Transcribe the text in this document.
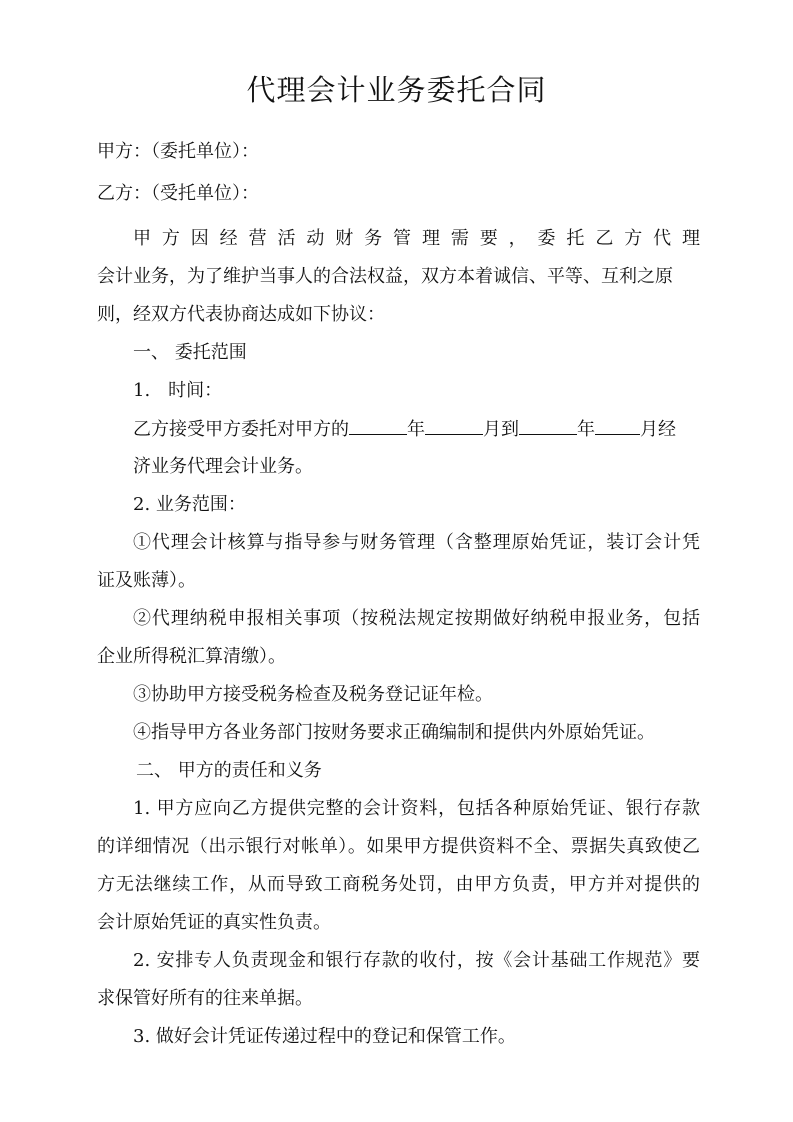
代理会计业务委托合同
甲方：（委托单位）：
乙方：（受托单位）：
甲方因经营活动财务管理需要，委托乙方代理
会计业务，为了维护当事人的合法权益，双方本着诚信、平等、互利之原
则，经双方代表协商达成如下协议：
一、 委托范围
1.　时间：
乙方接受甲方委托对甲方的	年	月到	年	月经
济业务代理会计业务。
2. 业务范围：
①代理会计核算与指导参与财务管理（含整理原始凭证，装订会计凭
证及账薄）。
②代理纳税申报相关事项（按税法规定按期做好纳税申报业务，包括
企业所得税汇算清缴）。
③协助甲方接受税务检查及税务登记证年检。
④指导甲方各业务部门按财务要求正确编制和提供内外原始凭证。
二、 甲方的责任和义务
1. 甲方应向乙方提供完整的会计资料，包括各种原始凭证、银行存款
的详细情况（出示银行对帐单）。如果甲方提供资料不全、票据失真致使乙
方无法继续工作，从而导致工商税务处罚，由甲方负责，甲方并对提供的
会计原始凭证的真实性负责。
2. 安排专人负责现金和银行存款的收付，按《会计基础工作规范》要
求保管好所有的往来单据。
3. 做好会计凭证传递过程中的登记和保管工作。
